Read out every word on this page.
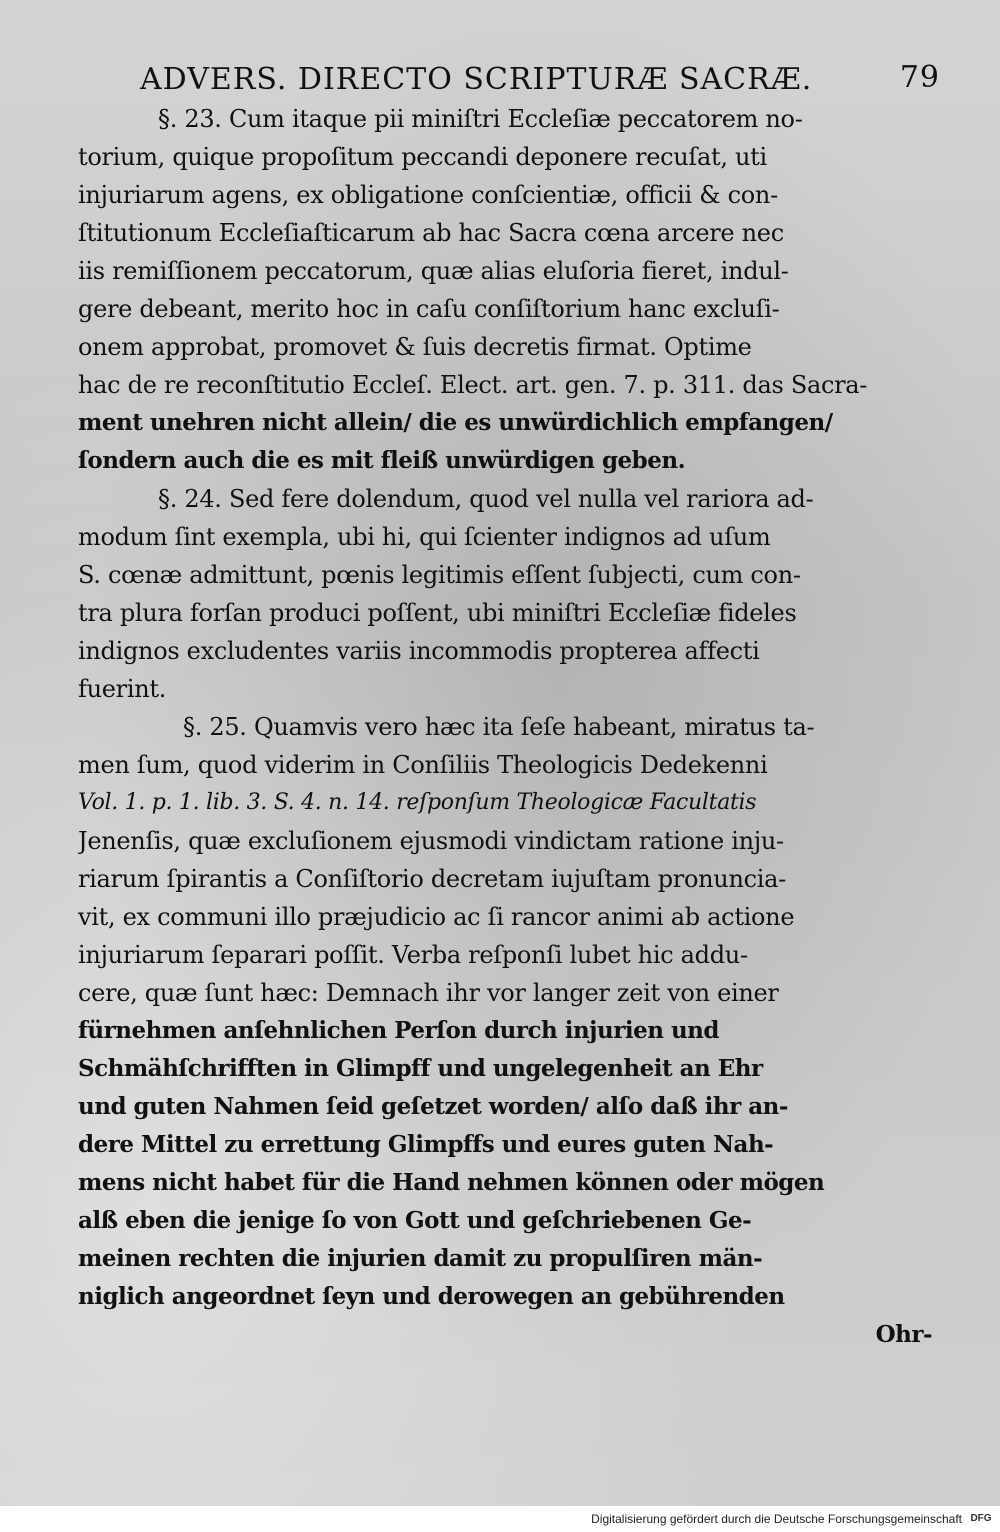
ADVERS. DIRECTO SCRIPTURÆ SACRÆ.	79
§. 23. Cum itaque pii miniſtri Eccleſiæ peccatorem no-
torium, quique propoſitum peccandi deponere recuſat, uti
injuriarum agens, ex obligatione conſcientiæ, officii & con-
ſtitutionum Eccleſiaſticarum ab hac Sacra cœna arcere nec
iis remiſſionem peccatorum, quæ alias eluſoria fieret, indul-
gere debeant, merito hoc in caſu conſiſtorium hanc excluſi-
onem approbat, promovet & ſuis decretis firmat. Optime
hac de re reconſtitutio Eccleſ. Elect. art. gen. 7. p. 311. das Sacra-
ment unehren nicht allein/ die es unwürdichlich empfangen/
ſondern auch die es mit fleiß unwürdigen geben.
§. 24. Sed fere dolendum, quod vel nulla vel rariora ad-
modum ſint exempla, ubi hi, qui ſcienter indignos ad uſum
S. cœnæ admittunt, pœnis legitimis eſſent ſubjecti, cum con-
tra plura forſan produci poſſent, ubi miniſtri Eccleſiæ fideles
indignos excludentes variis incommodis propterea affecti
fuerint.
§. 25. Quamvis vero hæc ita ſeſe habeant, miratus ta-
men ſum, quod viderim in Conſiliis Theologicis Dedekenni
Vol. 1. p. 1. lib. 3. S. 4. n. 14. reſponſum Theologicæ Facultatis
Jenenſis, quæ excluſionem ejusmodi vindictam ratione inju-
riarum ſpirantis a Conſiſtorio decretam iujuſtam pronuncia-
vit, ex communi illo præjudicio ac ſi rancor animi ab actione
injuriarum ſeparari poſſit. Verba reſponſi lubet hic addu-
cere, quæ ſunt hæc: Demnach ihr vor langer zeit von einer
fürnehmen anſehnlichen Perſon durch injurien und
Schmähſchrifften in Glimpff und ungelegenheit an Ehr
und guten Nahmen ſeid geſetzet worden/ alſo daß ihr an-
dere Mittel zu errettung Glimpffs und eures guten Nah-
mens nicht habet für die Hand nehmen können oder mögen
alß eben die jenige ſo von Gott und geſchriebenen Ge-
meinen rechten die injurien damit zu propulſiren män-
niglich angeordnet ſeyn und derowegen an gebührenden
Ohr-
Digitalisierung gefördert durch die Deutsche Forschungsgemeinschaft DFG
